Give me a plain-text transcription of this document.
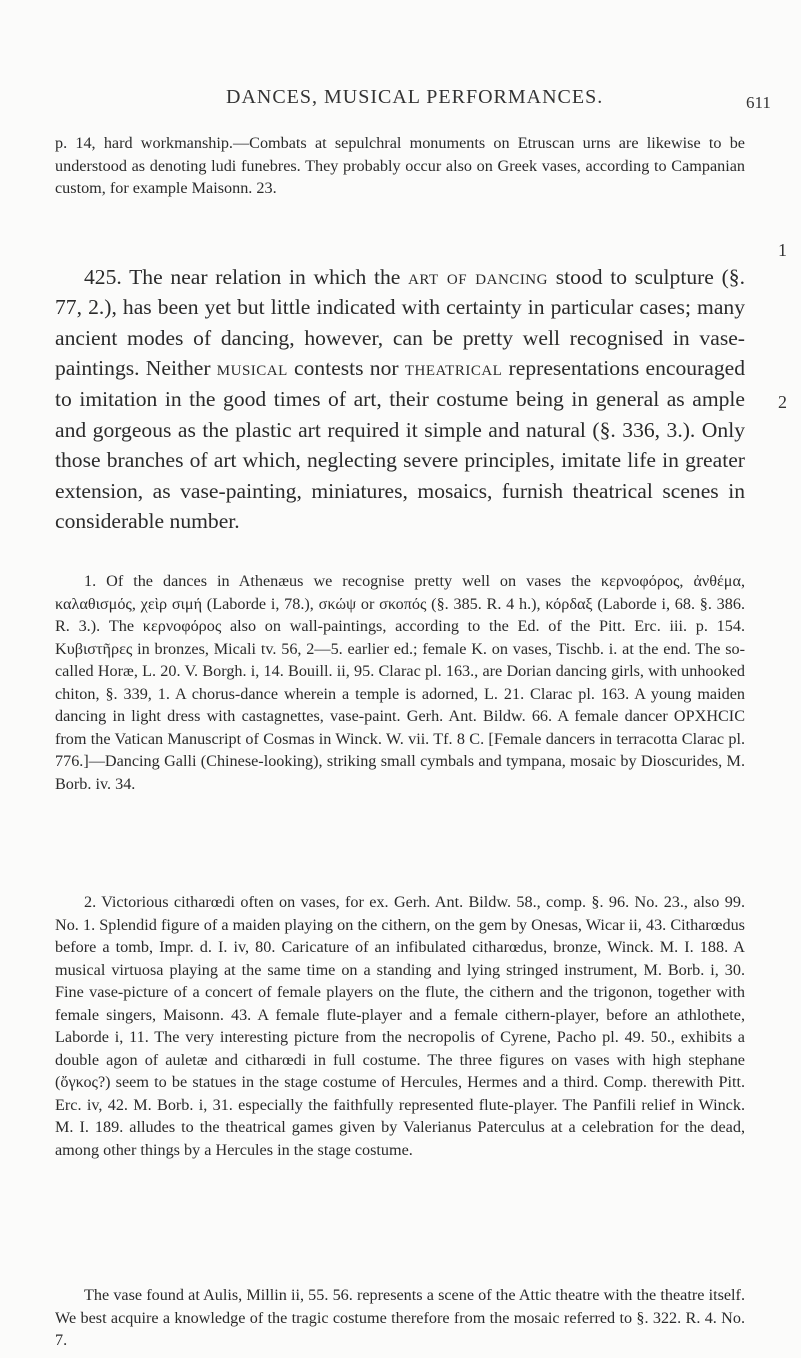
DANCES, MUSICAL PERFORMANCES.	611

p. 14, hard workmanship.—Combats at sepulchral monuments on Etruscan urns are likewise to be understood as denoting ludi funebres. They probably occur also on Greek vases, according to Campanian custom, for example Maisonn. 23.

425. The near relation in which the art of dancing stood to sculpture (§. 77, 2.), has been yet but little indicated with certainty in particular cases; many ancient modes of dancing, however, can be pretty well recognised in vase-paintings. Neither musical contests nor theatrical representations encouraged to imitation in the good times of art, their costume being in general as ample and gorgeous as the plastic art required it simple and natural (§. 336, 3.). Only those branches of art which, neglecting severe principles, imitate life in greater extension, as vase-painting, miniatures, mosaics, furnish theatrical scenes in considerable number.

1
2

1. Of the dances in Athenæus we recognise pretty well on vases the κερνοφόρος, ἀνθέμα, καλαθισμός, χεὶρ σιμή (Laborde i, 78.), σκώψ or σκοπός (§. 385. R. 4 h.), κόρδαξ (Laborde i, 68. §. 386. R. 3.). The κερνοφόρος also on wall-paintings, according to the Ed. of the Pitt. Erc. iii. p. 154. Κυβιστῆρες in bronzes, Micali tv. 56, 2—5. earlier ed.; female K. on vases, Tischb. i. at the end. The so-called Horæ, L. 20. V. Borgh. i, 14. Bouill. ii, 95. Clarac pl. 163., are Dorian dancing girls, with unhooked chiton, §. 339, 1. A chorus-dance wherein a temple is adorned, L. 21. Clarac pl. 163. A young maiden dancing in light dress with castagnettes, vase-paint. Gerh. Ant. Bildw. 66. A female dancer OPXHCIC from the Vatican Manuscript of Cosmas in Winck. W. vii. Tf. 8 C. [Female dancers in terracotta Clarac pl. 776.]—Dancing Galli (Chinese-looking), striking small cymbals and tympana, mosaic by Dioscurides, M. Borb. iv. 34.

2. Victorious citharœdi often on vases, for ex. Gerh. Ant. Bildw. 58., comp. §. 96. No. 23., also 99. No. 1. Splendid figure of a maiden playing on the cithern, on the gem by Onesas, Wicar ii, 43. Citharœdus before a tomb, Impr. d. I. iv, 80. Caricature of an infibulated citharœdus, bronze, Winck. M. I. 188. A musical virtuosa playing at the same time on a standing and lying stringed instrument, M. Borb. i, 30. Fine vase-picture of a concert of female players on the flute, the cithern and the trigonon, together with female singers, Maisonn. 43. A female flute-player and a female cithern-player, before an athlothete, Laborde i, 11. The very interesting picture from the necropolis of Cyrene, Pacho pl. 49. 50., exhibits a double agon of auletæ and citharœdi in full costume. The three figures on vases with high stephane (ὄγκος?) seem to be statues in the stage costume of Hercules, Hermes and a third. Comp. therewith Pitt. Erc. iv, 42. M. Borb. i, 31. especially the faithfully represented flute-player. The Panfili relief in Winck. M. I. 189. alludes to the theatrical games given by Valerianus Paterculus at a celebration for the dead, among other things by a Hercules in the stage costume.

The vase found at Aulis, Millin ii, 55. 56. represents a scene of the Attic theatre with the theatre itself. We best acquire a knowledge of the tragic costume therefore from the mosaic referred to §. 322. R. 4. No. 7.
